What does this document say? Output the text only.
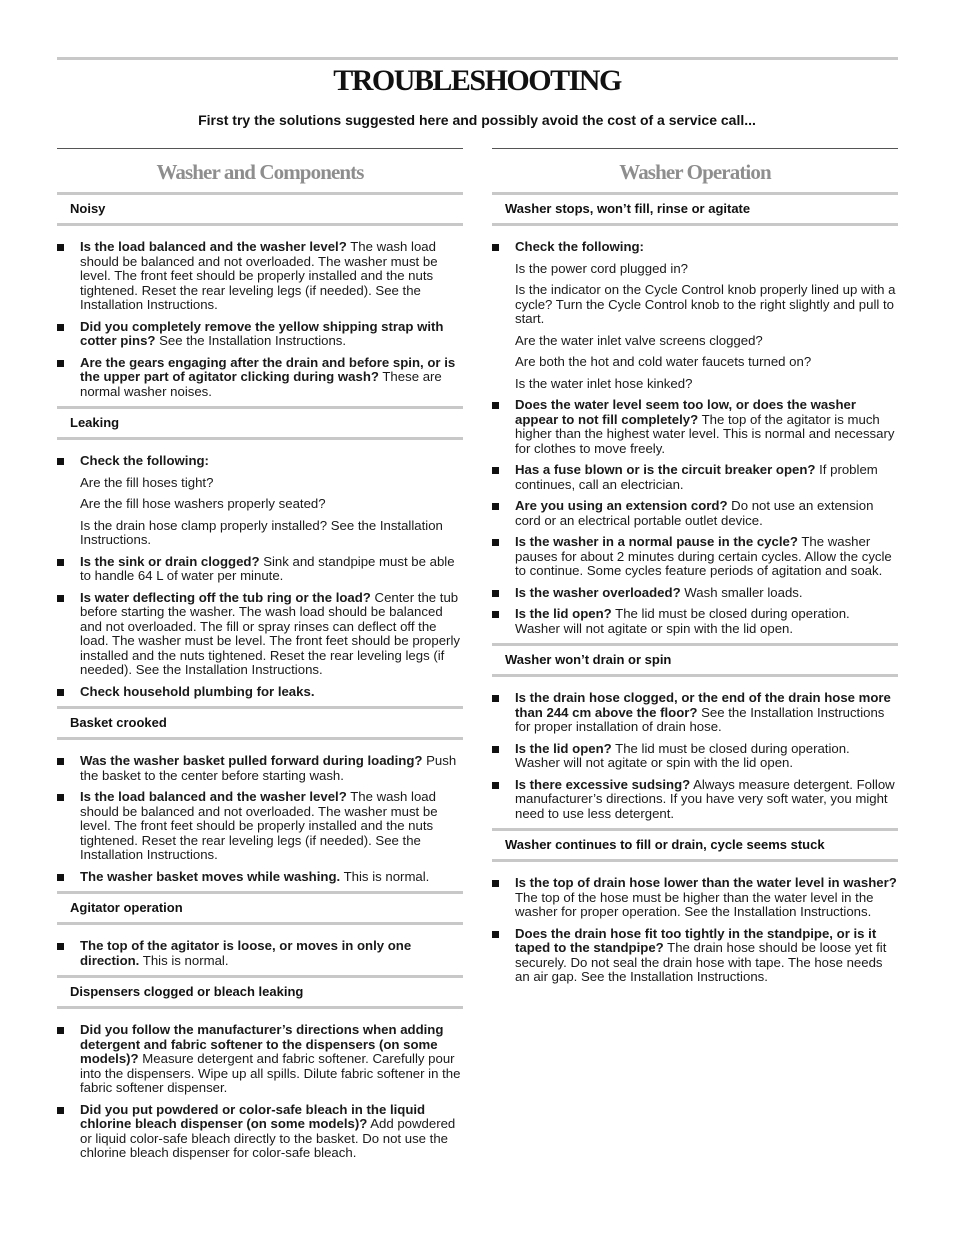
TROUBLESHOOTING
First try the solutions suggested here and possibly avoid the cost of a service call...
Washer and Components
Noisy
Is the load balanced and the washer level? The wash load should be balanced and not overloaded. The washer must be level. The front feet should be properly installed and the nuts tightened. Reset the rear leveling legs (if needed). See the Installation Instructions.
Did you completely remove the yellow shipping strap with cotter pins? See the Installation Instructions.
Are the gears engaging after the drain and before spin, or is the upper part of agitator clicking during wash? These are normal washer noises.
Leaking
Check the following:
Are the fill hoses tight?
Are the fill hose washers properly seated?
Is the drain hose clamp properly installed? See the Installation Instructions.
Is the sink or drain clogged? Sink and standpipe must be able to handle 64 L of water per minute.
Is water deflecting off the tub ring or the load? Center the tub before starting the washer. The wash load should be balanced and not overloaded. The fill or spray rinses can deflect off the load. The washer must be level. The front feet should be properly installed and the nuts tightened. Reset the rear leveling legs (if needed). See the Installation Instructions.
Check household plumbing for leaks.
Basket crooked
Was the washer basket pulled forward during loading? Push the basket to the center before starting wash.
Is the load balanced and the washer level? The wash load should be balanced and not overloaded. The washer must be level. The front feet should be properly installed and the nuts tightened. Reset the rear leveling legs (if needed). See the Installation Instructions.
The washer basket moves while washing. This is normal.
Agitator operation
The top of the agitator is loose, or moves in only one direction. This is normal.
Dispensers clogged or bleach leaking
Did you follow the manufacturer’s directions when adding detergent and fabric softener to the dispensers (on some models)? Measure detergent and fabric softener. Carefully pour into the dispensers. Wipe up all spills. Dilute fabric softener in the fabric softener dispenser.
Did you put powdered or color-safe bleach in the liquid chlorine bleach dispenser (on some models)? Add powdered or liquid color-safe bleach directly to the basket. Do not use the chlorine bleach dispenser for color-safe bleach.
Washer Operation
Washer stops, won’t fill, rinse or agitate
Check the following:
Is the power cord plugged in?
Is the indicator on the Cycle Control knob properly lined up with a cycle? Turn the Cycle Control knob to the right slightly and pull to start.
Are the water inlet valve screens clogged?
Are both the hot and cold water faucets turned on?
Is the water inlet hose kinked?
Does the water level seem too low, or does the washer appear to not fill completely? The top of the agitator is much higher than the highest water level. This is normal and necessary for clothes to move freely.
Has a fuse blown or is the circuit breaker open? If problem continues, call an electrician.
Are you using an extension cord? Do not use an extension cord or an electrical portable outlet device.
Is the washer in a normal pause in the cycle? The washer pauses for about 2 minutes during certain cycles. Allow the cycle to continue. Some cycles feature periods of agitation and soak.
Is the washer overloaded? Wash smaller loads.
Is the lid open? The lid must be closed during operation. Washer will not agitate or spin with the lid open.
Washer won’t drain or spin
Is the drain hose clogged, or the end of the drain hose more than 244 cm above the floor? See the Installation Instructions for proper installation of drain hose.
Is the lid open? The lid must be closed during operation. Washer will not agitate or spin with the lid open.
Is there excessive sudsing? Always measure detergent. Follow manufacturer’s directions. If you have very soft water, you might need to use less detergent.
Washer continues to fill or drain, cycle seems stuck
Is the top of drain hose lower than the water level in washer? The top of the hose must be higher than the water level in the washer for proper operation. See the Installation Instructions.
Does the drain hose fit too tightly in the standpipe, or is it taped to the standpipe? The drain hose should be loose yet fit securely. Do not seal the drain hose with tape. The hose needs an air gap. See the Installation Instructions.
